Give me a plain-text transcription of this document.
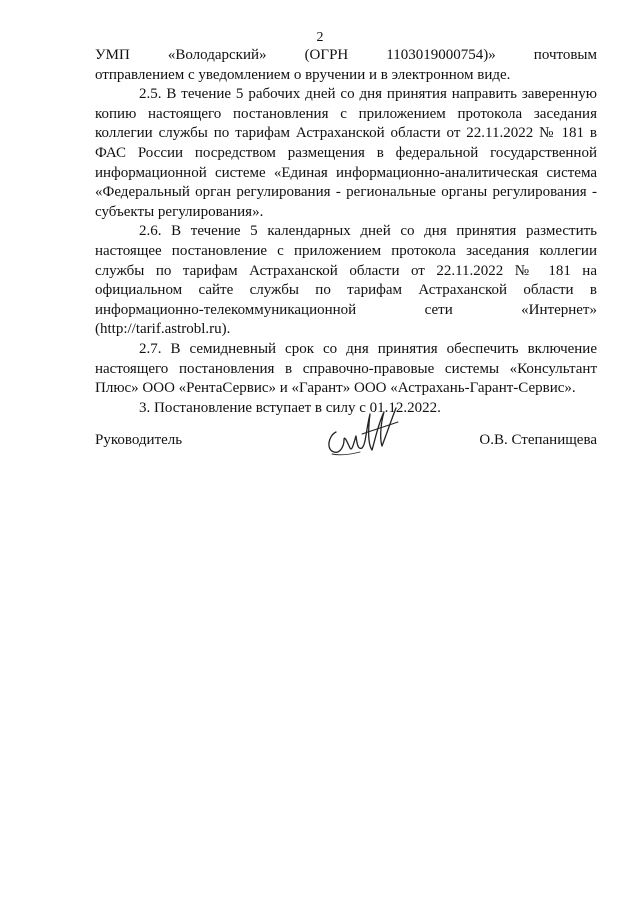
2

УМП «Володарский» (ОГРН 1103019000754)» почтовым

отправлением с уведомлением о вручении и в электронном виде.

2.5. В течение 5 рабочих дней со дня принятия направить заверенную копию настоящего постановления с приложением протокола заседания коллегии службы по тарифам Астраханской области от 22.11.2022 № 181 в ФАС России посредством размещения в федеральной государственной информационной системе «Единая информационно-аналитическая система «Федеральный орган регулирования - региональные органы регулирования - субъекты регулирования».

2.6. В течение 5 календарных дней со дня принятия разместить настоящее постановление с приложением протокола заседания коллегии службы по тарифам Астраханской области от 22.11.2022 № 181 на официальном сайте службы по тарифам Астраханской области в информационно-телекоммуникационной сети «Интернет» (http://tarif.astrobl.ru).

2.7. В семидневный срок со дня принятия обеспечить включение настоящего постановления в справочно-правовые системы «Консультант Плюс» ООО «РентаСервис» и «Гарант» ООО «Астрахань-Гарант-Сервис».

3. Постановление вступает в силу с 01.12.2022.

Руководитель	О.В. Степанищева
